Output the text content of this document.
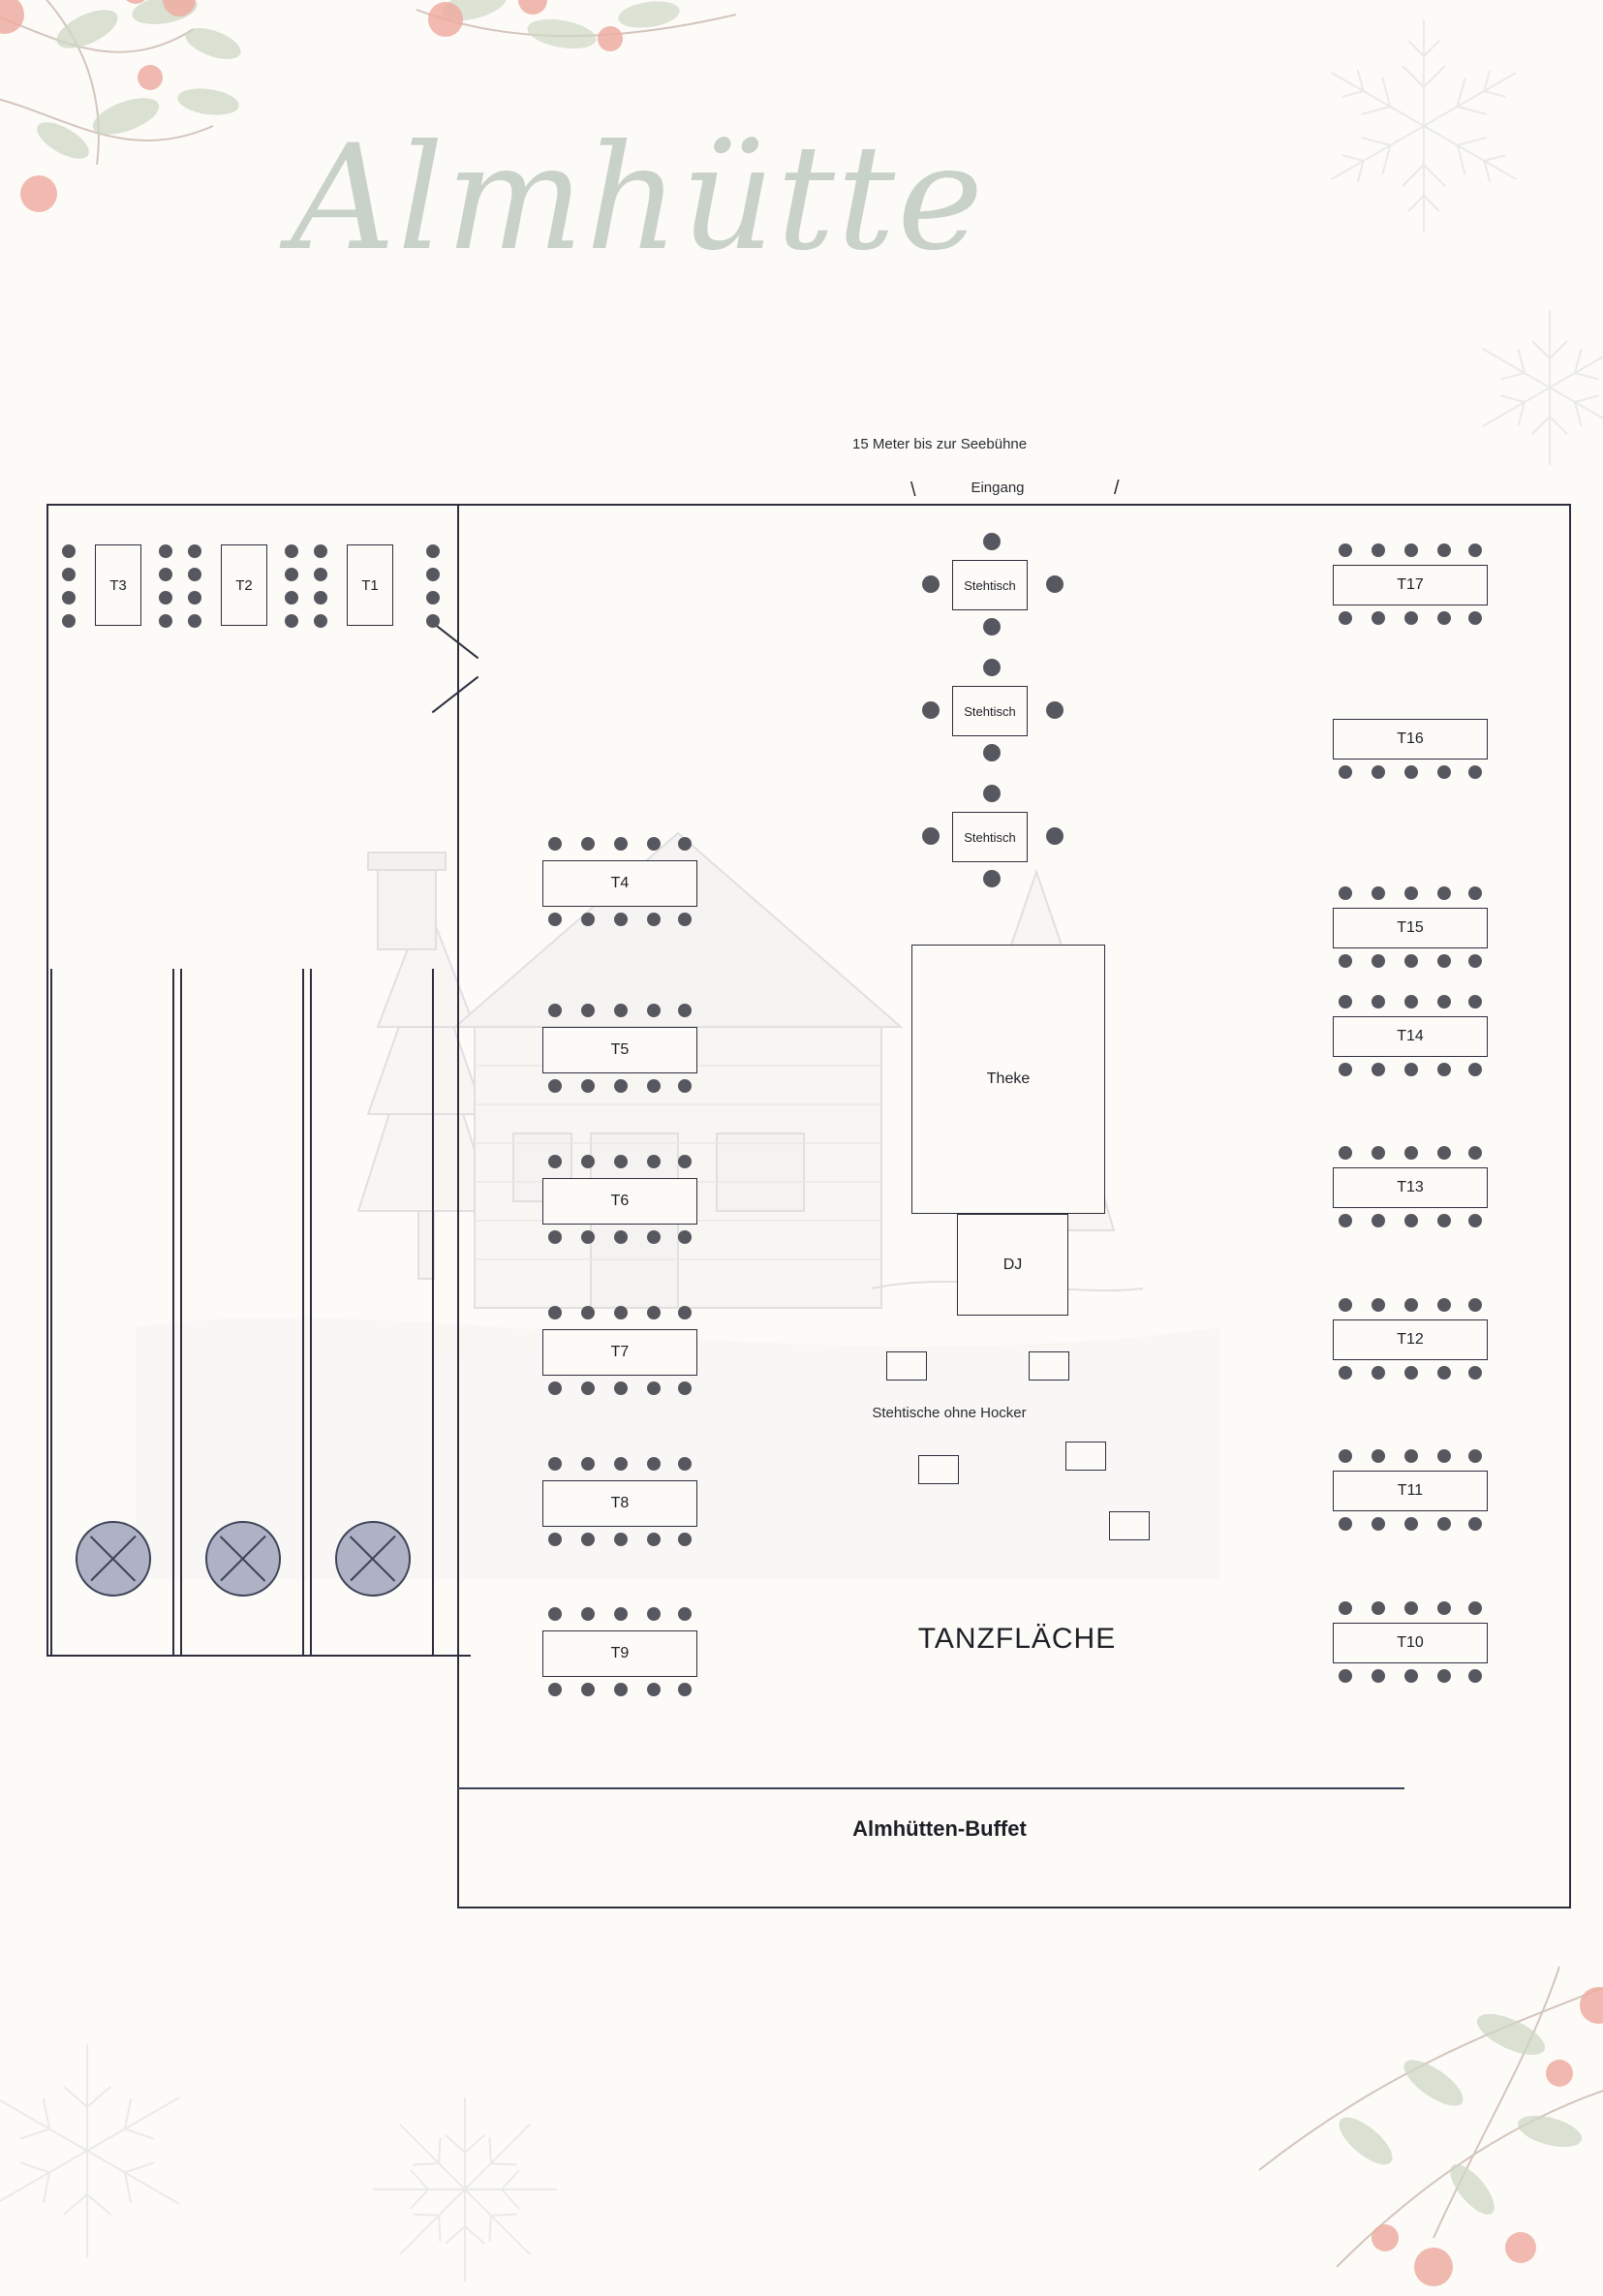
Almhütte
15 Meter bis zur Seebühne
Eingang
\	/
T3	T2	T1	Stehtisch
Stehtisch
Stehtisch
Theke
DJ
T4
T5
T6
T7
T8
T9
T17
T16
T15
T14
T13
T12
T11
T10
Stehtische ohne Hocker
TANZFLÄCHE
Almhütten-Buffet
